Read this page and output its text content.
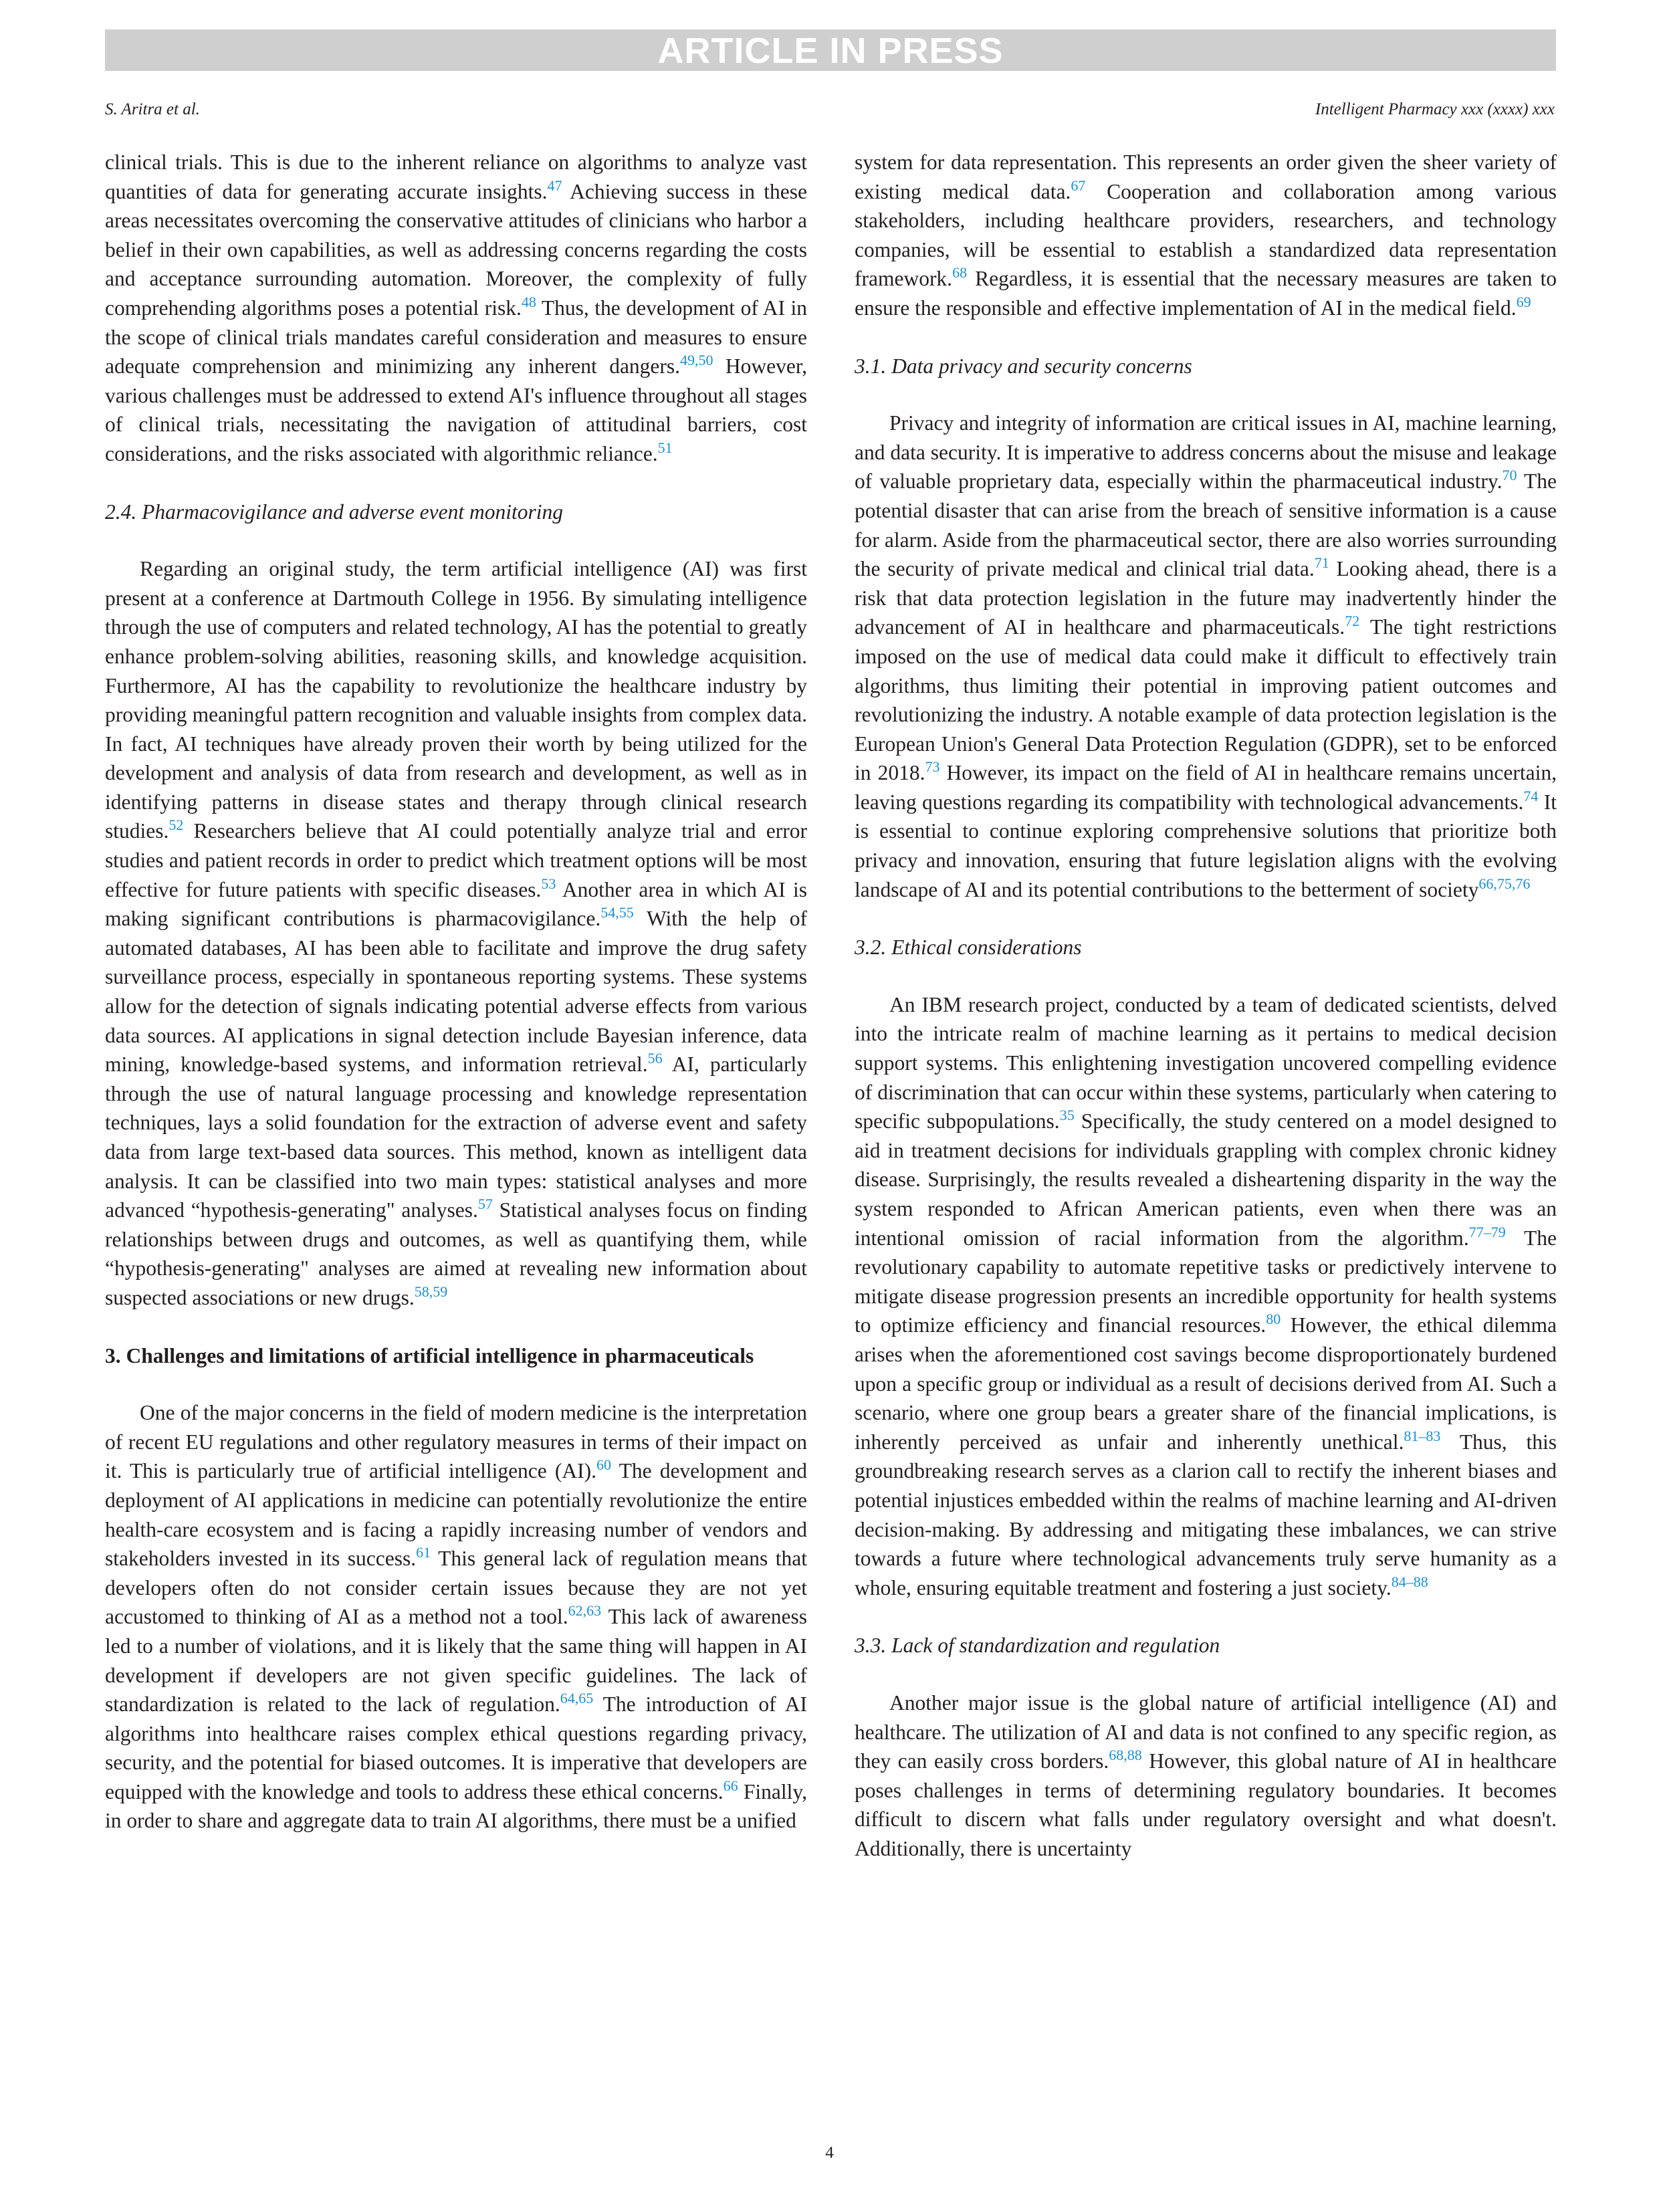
ARTICLE IN PRESS
S. Aritra et al.	Intelligent Pharmacy xxx (xxxx) xxx

clinical trials. This is due to the inherent reliance on algorithms to analyze vast quantities of data for generating accurate insights.$^{47}$ Achieving success in these areas necessitates overcoming the conservative attitudes of clinicians who harbor a belief in their own capabilities, as well as addressing concerns regarding the costs and acceptance surrounding automation. Moreover, the complexity of fully comprehending algorithms poses a potential risk.$^{48}$ Thus, the development of AI in the scope of clinical trials mandates careful consideration and measures to ensure adequate comprehension and minimizing any inherent dangers.$^{49,50}$ However, various challenges must be addressed to extend AI's influence throughout all stages of clinical trials, necessitating the navigation of attitudinal barriers, cost considerations, and the risks associated with algorithmic reliance.$^{51}$

2.4. Pharmacovigilance and adverse event monitoring

Regarding an original study, the term artificial intelligence (AI) was first present at a conference at Dartmouth College in 1956. By simulating intelligence through the use of computers and related technology, AI has the potential to greatly enhance problem-solving abilities, reasoning skills, and knowledge acquisition. Furthermore, AI has the capability to revolutionize the healthcare industry by providing meaningful pattern recognition and valuable insights from complex data. In fact, AI techniques have already proven their worth by being utilized for the development and analysis of data from research and development, as well as in identifying patterns in disease states and therapy through clinical research studies.$^{52}$ Researchers believe that AI could potentially analyze trial and error studies and patient records in order to predict which treatment options will be most effective for future patients with specific diseases.$^{53}$ Another area in which AI is making significant contributions is pharmacovigilance.$^{54,55}$ With the help of automated databases, AI has been able to facilitate and improve the drug safety surveillance process, especially in spontaneous reporting systems. These systems allow for the detection of signals indicating potential adverse effects from various data sources. AI applications in signal detection include Bayesian inference, data mining, knowledge-based systems, and information retrieval.$^{56}$ AI, particularly through the use of natural language processing and knowledge representation techniques, lays a solid foundation for the extraction of adverse event and safety data from large text-based data sources. This method, known as intelligent data analysis. It can be classified into two main types: statistical analyses and more advanced “hypothesis-generating" analyses.$^{57}$ Statistical analyses focus on finding relationships between drugs and outcomes, as well as quantifying them, while “hypothesis-generating" analyses are aimed at revealing new information about suspected associations or new drugs.$^{58,59}$

3. Challenges and limitations of artificial intelligence in pharmaceuticals

One of the major concerns in the field of modern medicine is the interpretation of recent EU regulations and other regulatory measures in terms of their impact on it. This is particularly true of artificial intelligence (AI).$^{60}$ The development and deployment of AI applications in medicine can potentially revolutionize the entire health-care ecosystem and is facing a rapidly increasing number of vendors and stakeholders invested in its success.$^{61}$ This general lack of regulation means that developers often do not consider certain issues because they are not yet accustomed to thinking of AI as a method not a tool.$^{62,63}$ This lack of awareness led to a number of violations, and it is likely that the same thing will happen in AI development if developers are not given specific guidelines. The lack of standardization is related to the lack of regulation.$^{64,65}$ The introduction of AI algorithms into healthcare raises complex ethical questions regarding privacy, security, and the potential for biased outcomes. It is imperative that developers are equipped with the knowledge and tools to address these ethical concerns.$^{66}$ Finally, in order to share and aggregate data to train AI algorithms, there must be a unified

system for data representation. This represents an order given the sheer variety of existing medical data.$^{67}$ Cooperation and collaboration among various stakeholders, including healthcare providers, researchers, and technology companies, will be essential to establish a standardized data representation framework.$^{68}$ Regardless, it is essential that the necessary measures are taken to ensure the responsible and effective implementation of AI in the medical field.$^{69}$

3.1. Data privacy and security concerns

Privacy and integrity of information are critical issues in AI, machine learning, and data security. It is imperative to address concerns about the misuse and leakage of valuable proprietary data, especially within the pharmaceutical industry.$^{70}$ The potential disaster that can arise from the breach of sensitive information is a cause for alarm. Aside from the pharmaceutical sector, there are also worries surrounding the security of private medical and clinical trial data.$^{71}$ Looking ahead, there is a risk that data protection legislation in the future may inadvertently hinder the advancement of AI in healthcare and pharmaceuticals.$^{72}$ The tight restrictions imposed on the use of medical data could make it difficult to effectively train algorithms, thus limiting their potential in improving patient outcomes and revolutionizing the industry. A notable example of data protection legislation is the European Union's General Data Protection Regulation (GDPR), set to be enforced in 2018.73 However, its impact on the field of AI in healthcare remains uncertain, leaving questions regarding its compatibility with technological advancements.$^{74}$ It is essential to continue exploring comprehensive solutions that prioritize both privacy and innovation, ensuring that future legislation aligns with the evolving landscape of AI and its potential contributions to the betterment of society$^{66,75,76}$

3.2. Ethical considerations

An IBM research project, conducted by a team of dedicated scientists, delved into the intricate realm of machine learning as it pertains to medical decision support systems. This enlightening investigation uncovered compelling evidence of discrimination that can occur within these systems, particularly when catering to specific subpopulations.$^{35}$ Specifically, the study centered on a model designed to aid in treatment decisions for individuals grappling with complex chronic kidney disease. Surprisingly, the results revealed a disheartening disparity in the way the system responded to African American patients, even when there was an intentional omission of racial information from the algorithm.$^{77-79}$ The revolutionary capability to automate repetitive tasks or predictively intervene to mitigate disease progression presents an incredible opportunity for health systems to optimize efficiency and financial resources.$^{80}$ However, the ethical dilemma arises when the aforementioned cost savings become disproportionately burdened upon a specific group or individual as a result of decisions derived from AI. Such a scenario, where one group bears a greater share of the financial implications, is inherently perceived as unfair and inherently unethical.$^{81-83}$ Thus, this groundbreaking research serves as a clarion call to rectify the inherent biases and potential injustices embedded within the realms of machine learning and AI-driven decision-making. By addressing and mitigating these imbalances, we can strive towards a future where technological advancements truly serve humanity as a whole, ensuring equitable treatment and fostering a just society.$^{84-88}$

3.3. Lack of standardization and regulation

Another major issue is the global nature of artificial intelligence (AI) and healthcare. The utilization of AI and data is not confined to any specific region, as they can easily cross borders.$^{68,88}$ However, this global nature of AI in healthcare poses challenges in terms of determining regulatory boundaries. It becomes difficult to discern what falls under regulatory oversight and what doesn't. Additionally, there is uncertainty

4
